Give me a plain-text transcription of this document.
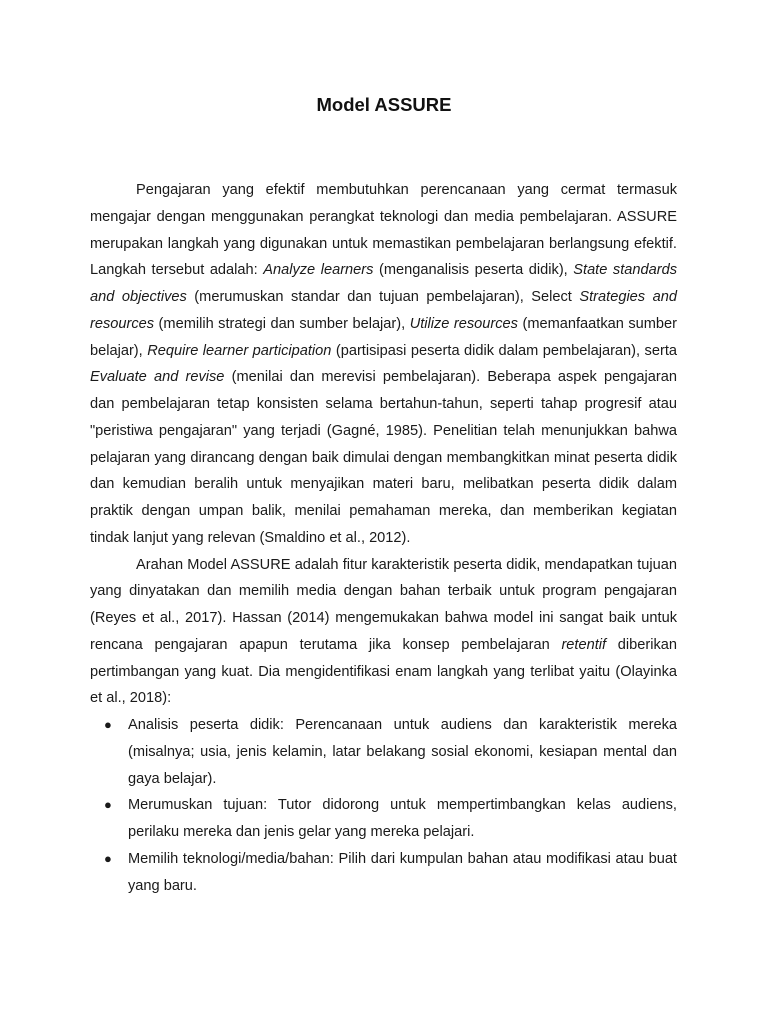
Model ASSURE

Pengajaran yang efektif membutuhkan perencanaan yang cermat termasuk mengajar dengan menggunakan perangkat teknologi dan media pembelajaran. ASSURE merupakan langkah yang digunakan untuk memastikan pembelajaran berlangsung efektif. Langkah tersebut adalah: Analyze learners (menganalisis peserta didik), State standards and objectives (merumuskan standar dan tujuan pembelajaran), Select Strategies and resources (memilih strategi dan sumber belajar), Utilize resources (memanfaatkan sumber belajar), Require learner participation (partisipasi peserta didik dalam pembelajaran), serta Evaluate and revise (menilai dan merevisi pembelajaran). Beberapa aspek pengajaran dan pembelajaran tetap konsisten selama bertahun-tahun, seperti tahap progresif atau "peristiwa pengajaran" yang terjadi (Gagné, 1985). Penelitian telah menunjukkan bahwa pelajaran yang dirancang dengan baik dimulai dengan membangkitkan minat peserta didik dan kemudian beralih untuk menyajikan materi baru, melibatkan peserta didik dalam praktik dengan umpan balik, menilai pemahaman mereka, dan memberikan kegiatan tindak lanjut yang relevan (Smaldino et al., 2012).

Arahan Model ASSURE adalah fitur karakteristik peserta didik, mendapatkan tujuan yang dinyatakan dan memilih media dengan bahan terbaik untuk program pengajaran (Reyes et al., 2017). Hassan (2014) mengemukakan bahwa model ini sangat baik untuk rencana pengajaran apapun terutama jika konsep pembelajaran retentif diberikan pertimbangan yang kuat. Dia mengidentifikasi enam langkah yang terlibat yaitu (Olayinka et al., 2018):

● Analisis peserta didik: Perencanaan untuk audiens dan karakteristik mereka (misalnya; usia, jenis kelamin, latar belakang sosial ekonomi, kesiapan mental dan gaya belajar).
● Merumuskan tujuan: Tutor didorong untuk mempertimbangkan kelas audiens, perilaku mereka dan jenis gelar yang mereka pelajari.
● Memilih teknologi/media/bahan: Pilih dari kumpulan bahan atau modifikasi atau buat yang baru.
